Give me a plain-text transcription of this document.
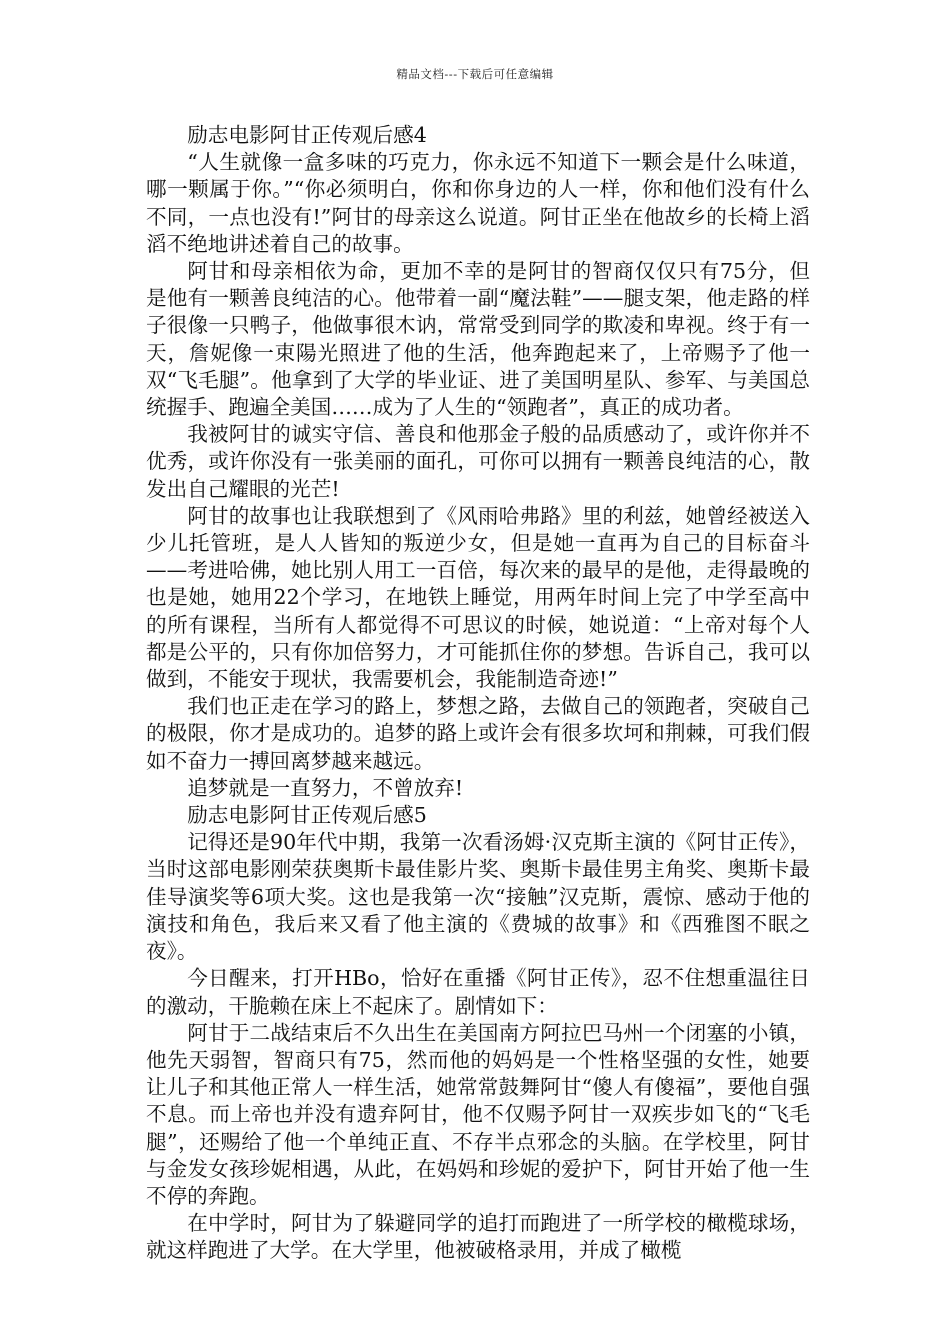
精品文档---下载后可任意编辑

励志电影阿甘正传观后感4

“人生就像一盒多味的巧克力，你永远不知道下一颗会是什么味道，哪一颗属于你。”“你必须明白，你和你身边的人一样，你和他们没有什么不同，一点也没有!”阿甘的母亲这么说道。阿甘正坐在他故乡的长椅上滔滔不绝地讲述着自己的故事。

阿甘和母亲相依为命，更加不幸的是阿甘的智商仅仅只有75分，但是他有一颗善良纯洁的心。他带着一副“魔法鞋”——腿支架，他走路的样子很像一只鸭子，他做事很木讷，常常受到同学的欺凌和卑视。终于有一天，詹妮像一束陽光照进了他的生活，他奔跑起来了，上帝赐予了他一双“飞毛腿”。他拿到了大学的毕业证、进了美国明星队、参军、与美国总统握手、跑遍全美国……成为了人生的“领跑者”，真正的成功者。

我被阿甘的诚实守信、善良和他那金子般的品质感动了，或许你并不优秀，或许你没有一张美丽的面孔，可你可以拥有一颗善良纯洁的心，散发出自己耀眼的光芒!

阿甘的故事也让我联想到了《风雨哈弗路》里的利兹，她曾经被送入少儿托管班，是人人皆知的叛逆少女，但是她一直再为自己的目标奋斗——考进哈佛，她比别人用工一百倍，每次来的最早的是他，走得最晚的也是她，她用22个学习，在地铁上睡觉，用两年时间上完了中学至高中的所有课程，当所有人都觉得不可思议的时候，她说道：“上帝对每个人都是公平的，只有你加倍努力，才可能抓住你的梦想。告诉自己，我可以做到，不能安于现状，我需要机会，我能制造奇迹!”

我们也正走在学习的路上，梦想之路，去做自己的领跑者，突破自己的极限，你才是成功的。追梦的路上或许会有很多坎坷和荆棘，可我们假如不奋力一搏回离梦越来越远。

追梦就是一直努力，不曾放弃!

励志电影阿甘正传观后感5

记得还是90年代中期，我第一次看汤姆·汉克斯主演的《阿甘正传》，当时这部电影刚荣获奥斯卡最佳影片奖、奥斯卡最佳男主角奖、奥斯卡最佳导演奖等6项大奖。这也是我第一次“接触”汉克斯，震惊、感动于他的演技和角色，我后来又看了他主演的《费城的故事》和《西雅图不眠之夜》。

今日醒来，打开HBo，恰好在重播《阿甘正传》，忍不住想重温往日的激动，干脆赖在床上不起床了。剧情如下：

阿甘于二战结束后不久出生在美国南方阿拉巴马州一个闭塞的小镇，他先天弱智，智商只有75，然而他的妈妈是一个性格坚强的女性，她要让儿子和其他正常人一样生活，她常常鼓舞阿甘“傻人有傻福”，要他自强不息。而上帝也并没有遗弃阿甘，他不仅赐予阿甘一双疾步如飞的“飞毛腿”，还赐给了他一个单纯正直、不存半点邪念的头脑。在学校里，阿甘与金发女孩珍妮相遇，从此，在妈妈和珍妮的爱护下，阿甘开始了他一生不停的奔跑。

在中学时，阿甘为了躲避同学的追打而跑进了一所学校的橄榄球场，就这样跑进了大学。在大学里，他被破格录用，并成了橄榄
